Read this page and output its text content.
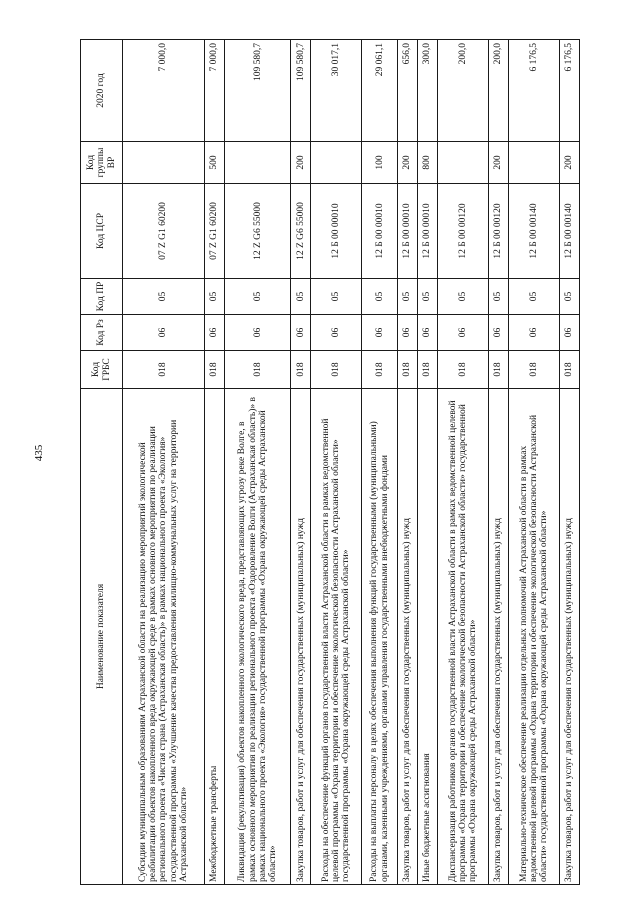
435
Наименование показателя	Код ГРБС	Код Рз	Код ПР	Код ЦСР	Код группы ВР	2020 год
Субсидии муниципальным образованиям Астраханской области на реализацию мероприятий экологической реабилитации объектов накопленного вреда окружающей среде в рамках основного мероприятия по реализации регионального проекта «Чистая страна (Астраханская область)» в рамках национального проекта «Экология» государственной программы «Улучшение качества предоставления жилищно-коммунальных услуг на территории Астраханской области»	018	06	05	07 Z G1 60200		7 000,0
Межбюджетные трансферты	018	06	05	07 Z G1 60200	500	7 000,0
Ликвидация (рекультивация) объектов накопленного экологического вреда, представляющих угрозу реке Волге, в рамках основного мероприятия по реализации регионального проекта «Оздоровление Волги (Астраханская область)» в рамках национального проекта «Экология» государственной программы «Охрана окружающей среды Астраханской области»	018	06	05	12 Z G6 55000		109 580,7
Закупка товаров, работ и услуг для обеспечения государственных (муниципальных) нужд	018	06	05	12 Z G6 55000	200	109 580,7
Расходы на обеспечение функций органов государственной власти Астраханской области в рамках ведомственной целевой программы «Охрана территории и обеспечение экологической безопасности Астраханской области» государственной программы «Охрана окружающей среды Астраханской области»	018	06	05	12 Б 00 00010		30 017,1
Расходы на выплаты персоналу в целях обеспечения выполнения функций государственными (муниципальными) органами, казенными учреждениями, органами управления государственными внебюджетными фондами	018	06	05	12 Б 00 00010	100	29 061,1
Закупка товаров, работ и услуг для обеспечения государственных (муниципальных) нужд	018	06	05	12 Б 00 00010	200	656,0
Иные бюджетные ассигнования	018	06	05	12 Б 00 00010	800	300,0
Диспансеризация работников органов государственной власти Астраханской области в рамках ведомственной целевой программы «Охрана территории и обеспечение экологической безопасности Астраханской области» государственной программы «Охрана окружающей среды Астраханской области»	018	06	05	12 Б 00 00120		200,0
Закупка товаров, работ и услуг для обеспечения государственных (муниципальных) нужд	018	06	05	12 Б 00 00120	200	200,0
Материально-техническое обеспечение реализации отдельных полномочий Астраханской области в рамках ведомственной целевой программы «Охрана территории и обеспечение экологической безопасности Астраханской области» государственной программы «Охрана окружающей среды Астраханской области»	018	06	05	12 Б 00 00140		6 176,5
Закупка товаров, работ и услуг для обеспечения государственных (муниципальных) нужд	018	06	05	12 Б 00 00140	200	6 176,5
